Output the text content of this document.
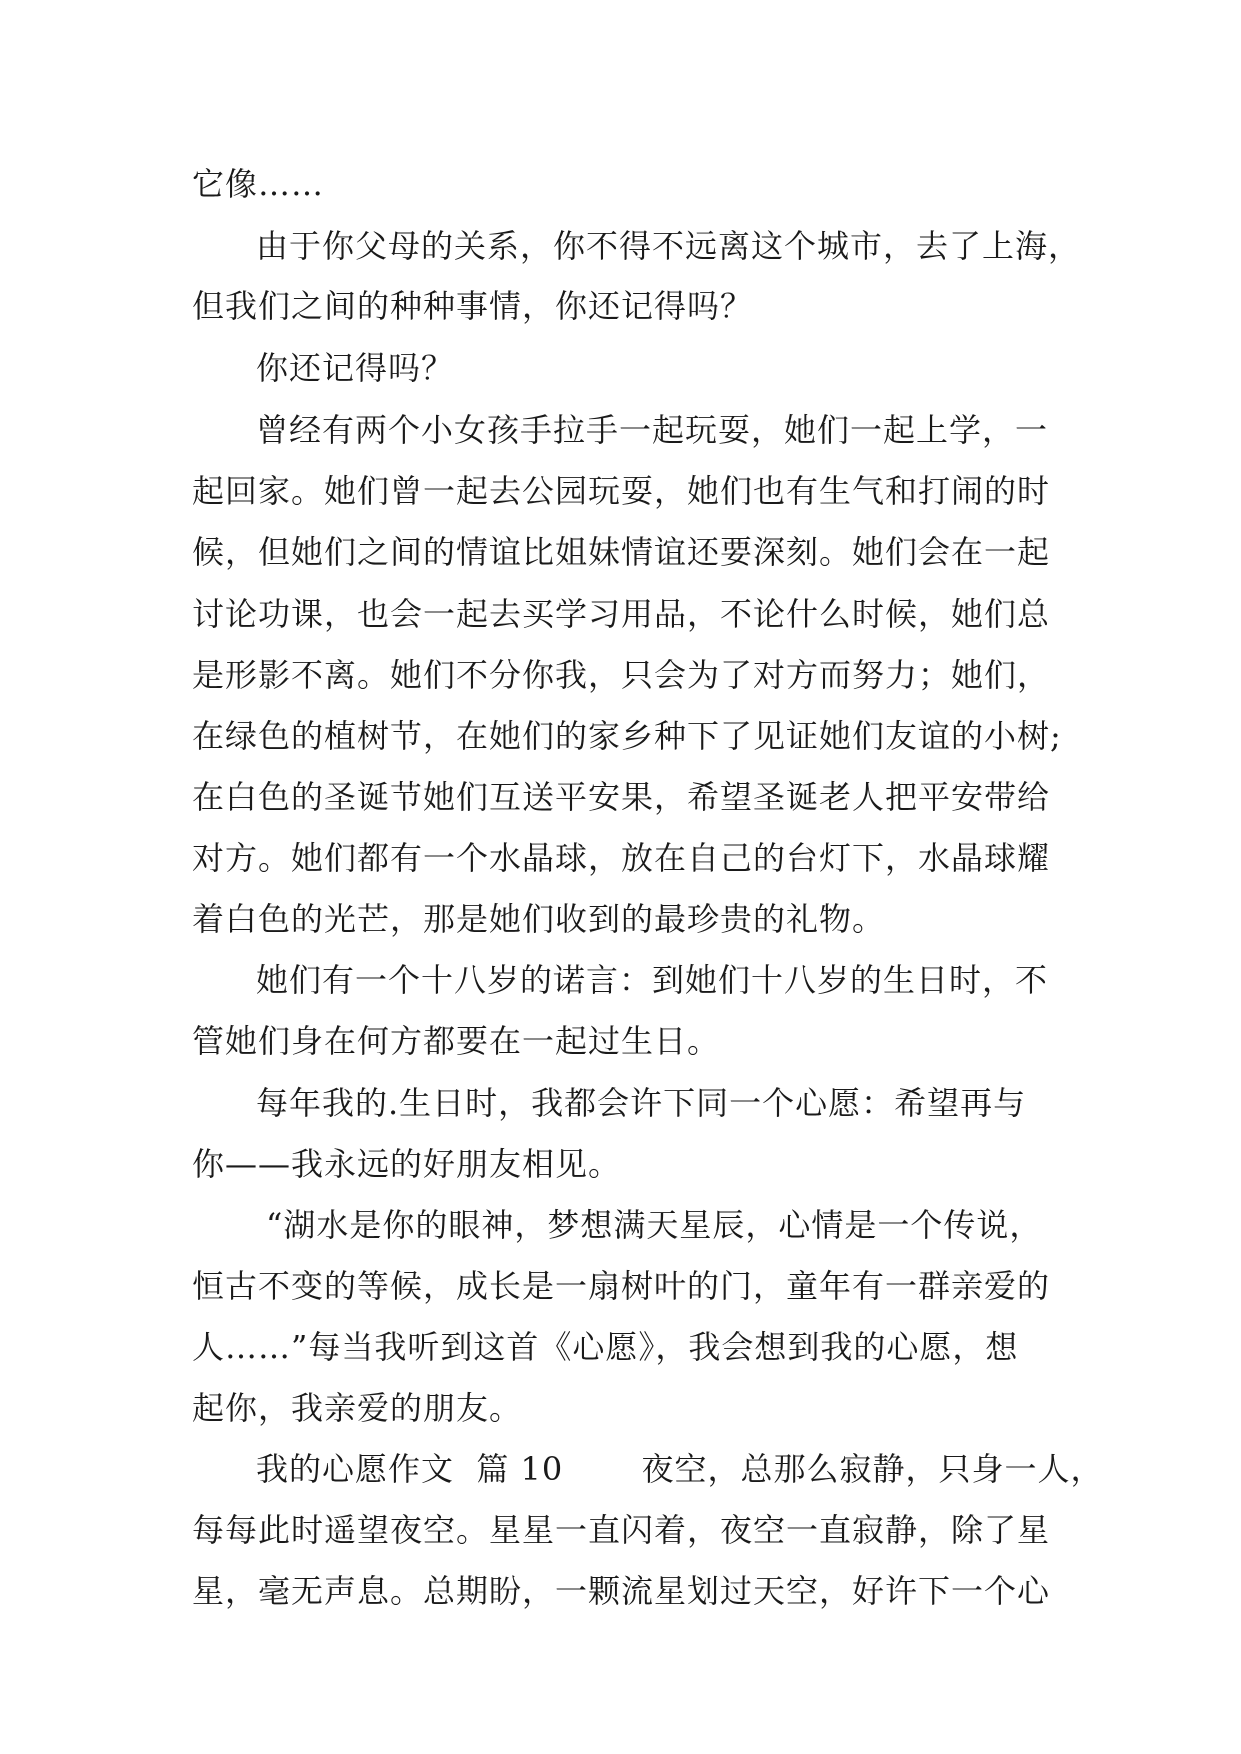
它像……
由于你父母的关系，你不得不远离这个城市，去了上海，
但我们之间的种种事情，你还记得吗？
你还记得吗？
曾经有两个小女孩手拉手一起玩耍，她们一起上学，一
起回家。她们曾一起去公园玩耍，她们也有生气和打闹的时
候，但她们之间的情谊比姐妹情谊还要深刻。她们会在一起
讨论功课，也会一起去买学习用品，不论什么时候，她们总
是形影不离。她们不分你我，只会为了对方而努力；她们，
在绿色的植树节，在她们的家乡种下了见证她们友谊的小树;
在白色的圣诞节她们互送平安果，希望圣诞老人把平安带给
对方。她们都有一个水晶球，放在自己的台灯下，水晶球耀
着白色的光芒，那是她们收到的最珍贵的礼物。
她们有一个十八岁的诺言：到她们十八岁的生日时，不
管她们身在何方都要在一起过生日。
每年我的.生日时，我都会许下同一个心愿：希望再与
你——我永远的好朋友相见。
“湖水是你的眼神，梦想满天星辰，心情是一个传说，
恒古不变的等候，成长是一扇树叶的门，童年有一群亲爱的
人……”每当我听到这首《心愿》，我会想到我的心愿，想
起你，我亲爱的朋友。
我的心愿作文  篇 10       夜空，总那么寂静，只身一人，
每每此时遥望夜空。星星一直闪着，夜空一直寂静，除了星
星，毫无声息。总期盼，一颗流星划过天空，好许下一个心
